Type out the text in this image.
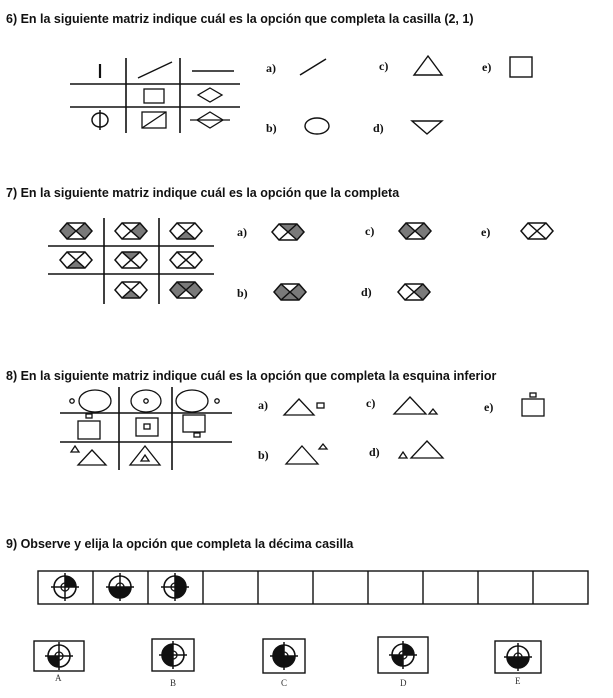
6) En la siguiente matriz indique cuál es la opción que completa la casilla (2, 1)
a)
b)
c)
d)
e)
7) En la siguiente matriz indique cuál es la opción que la completa
a)
b)
c)
d)
e)
8) En la siguiente matriz indique cuál es la opción que completa la esquina inferior
a)
b)
c)
d)
e)
9) Observe y elija la opción que completa la décima casilla
A	B	C	D	E
